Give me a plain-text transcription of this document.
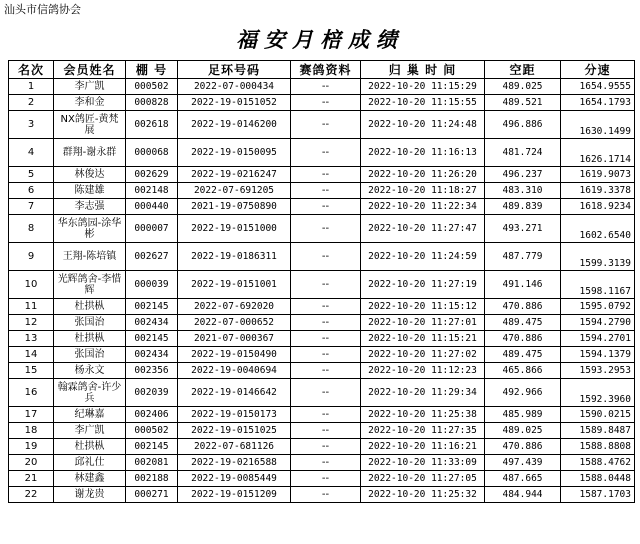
汕头市信鸽协会
福安月棓成绩
名次	会员姓名	棚 号	足环号码	赛鸽资料	归 巢 时 间	空距	分速
1	李广凯	000502	2022-07-000434	--	2022-10-20 11:15:29	489.025	1654.9555
2	李和金	000828	2022-19-0151052	--	2022-10-20 11:15:55	489.521	1654.1793
3	NX鸽匠-黄梵展	002618	2022-19-0146200	--	2022-10-20 11:24:48	496.886	1630.1499
4	群翔-谢永群	000068	2022-19-0150095	--	2022-10-20 11:16:13	481.724	1626.1714
5	林俊达	002629	2022-19-0216247	--	2022-10-20 11:26:20	496.237	1619.9073
6	陈建雄	002148	2022-07-691205	--	2022-10-20 11:18:27	483.310	1619.3378
7	李志强	000440	2021-19-0750890	--	2022-10-20 11:22:34	489.839	1618.9234
8	华东鸽园-涂华彬	000007	2022-19-0151000	--	2022-10-20 11:27:47	493.271	1602.6540
9	王翔-陈培镇	002627	2022-19-0186311	--	2022-10-20 11:24:59	487.779	1599.3139
10	光辉鸽舍-李惜辉	000039	2022-19-0151001	--	2022-10-20 11:27:19	491.146	1598.1167
11	杜拱枞	002145	2022-07-692020	--	2022-10-20 11:15:12	470.886	1595.0792
12	张国治	002434	2022-07-000652	--	2022-10-20 11:27:01	489.475	1594.2790
13	杜拱枞	002145	2021-07-000367	--	2022-10-20 11:15:21	470.886	1594.2701
14	张国治	002434	2022-19-0150490	--	2022-10-20 11:27:02	489.475	1594.1379
15	杨永文	002356	2022-19-0040694	--	2022-10-20 11:12:23	465.866	1593.2953
16	翰霖鸽舍-许少兵	002039	2022-19-0146642	--	2022-10-20 11:29:34	492.966	1592.3960
17	纪琳嘉	002406	2022-19-0150173	--	2022-10-20 11:25:38	485.989	1590.0215
18	李广凯	000502	2022-19-0151025	--	2022-10-20 11:27:35	489.025	1589.8487
19	杜拱枞	002145	2022-07-681126	--	2022-10-20 11:16:21	470.886	1588.8808
20	邱礼仕	002081	2022-19-0216588	--	2022-10-20 11:33:09	497.439	1588.4762
21	林建鑫	002188	2022-19-0085449	--	2022-10-20 11:27:05	487.665	1588.0448
22	谢龙贵	000271	2022-19-0151209	--	2022-10-20 11:25:32	484.944	1587.1703
